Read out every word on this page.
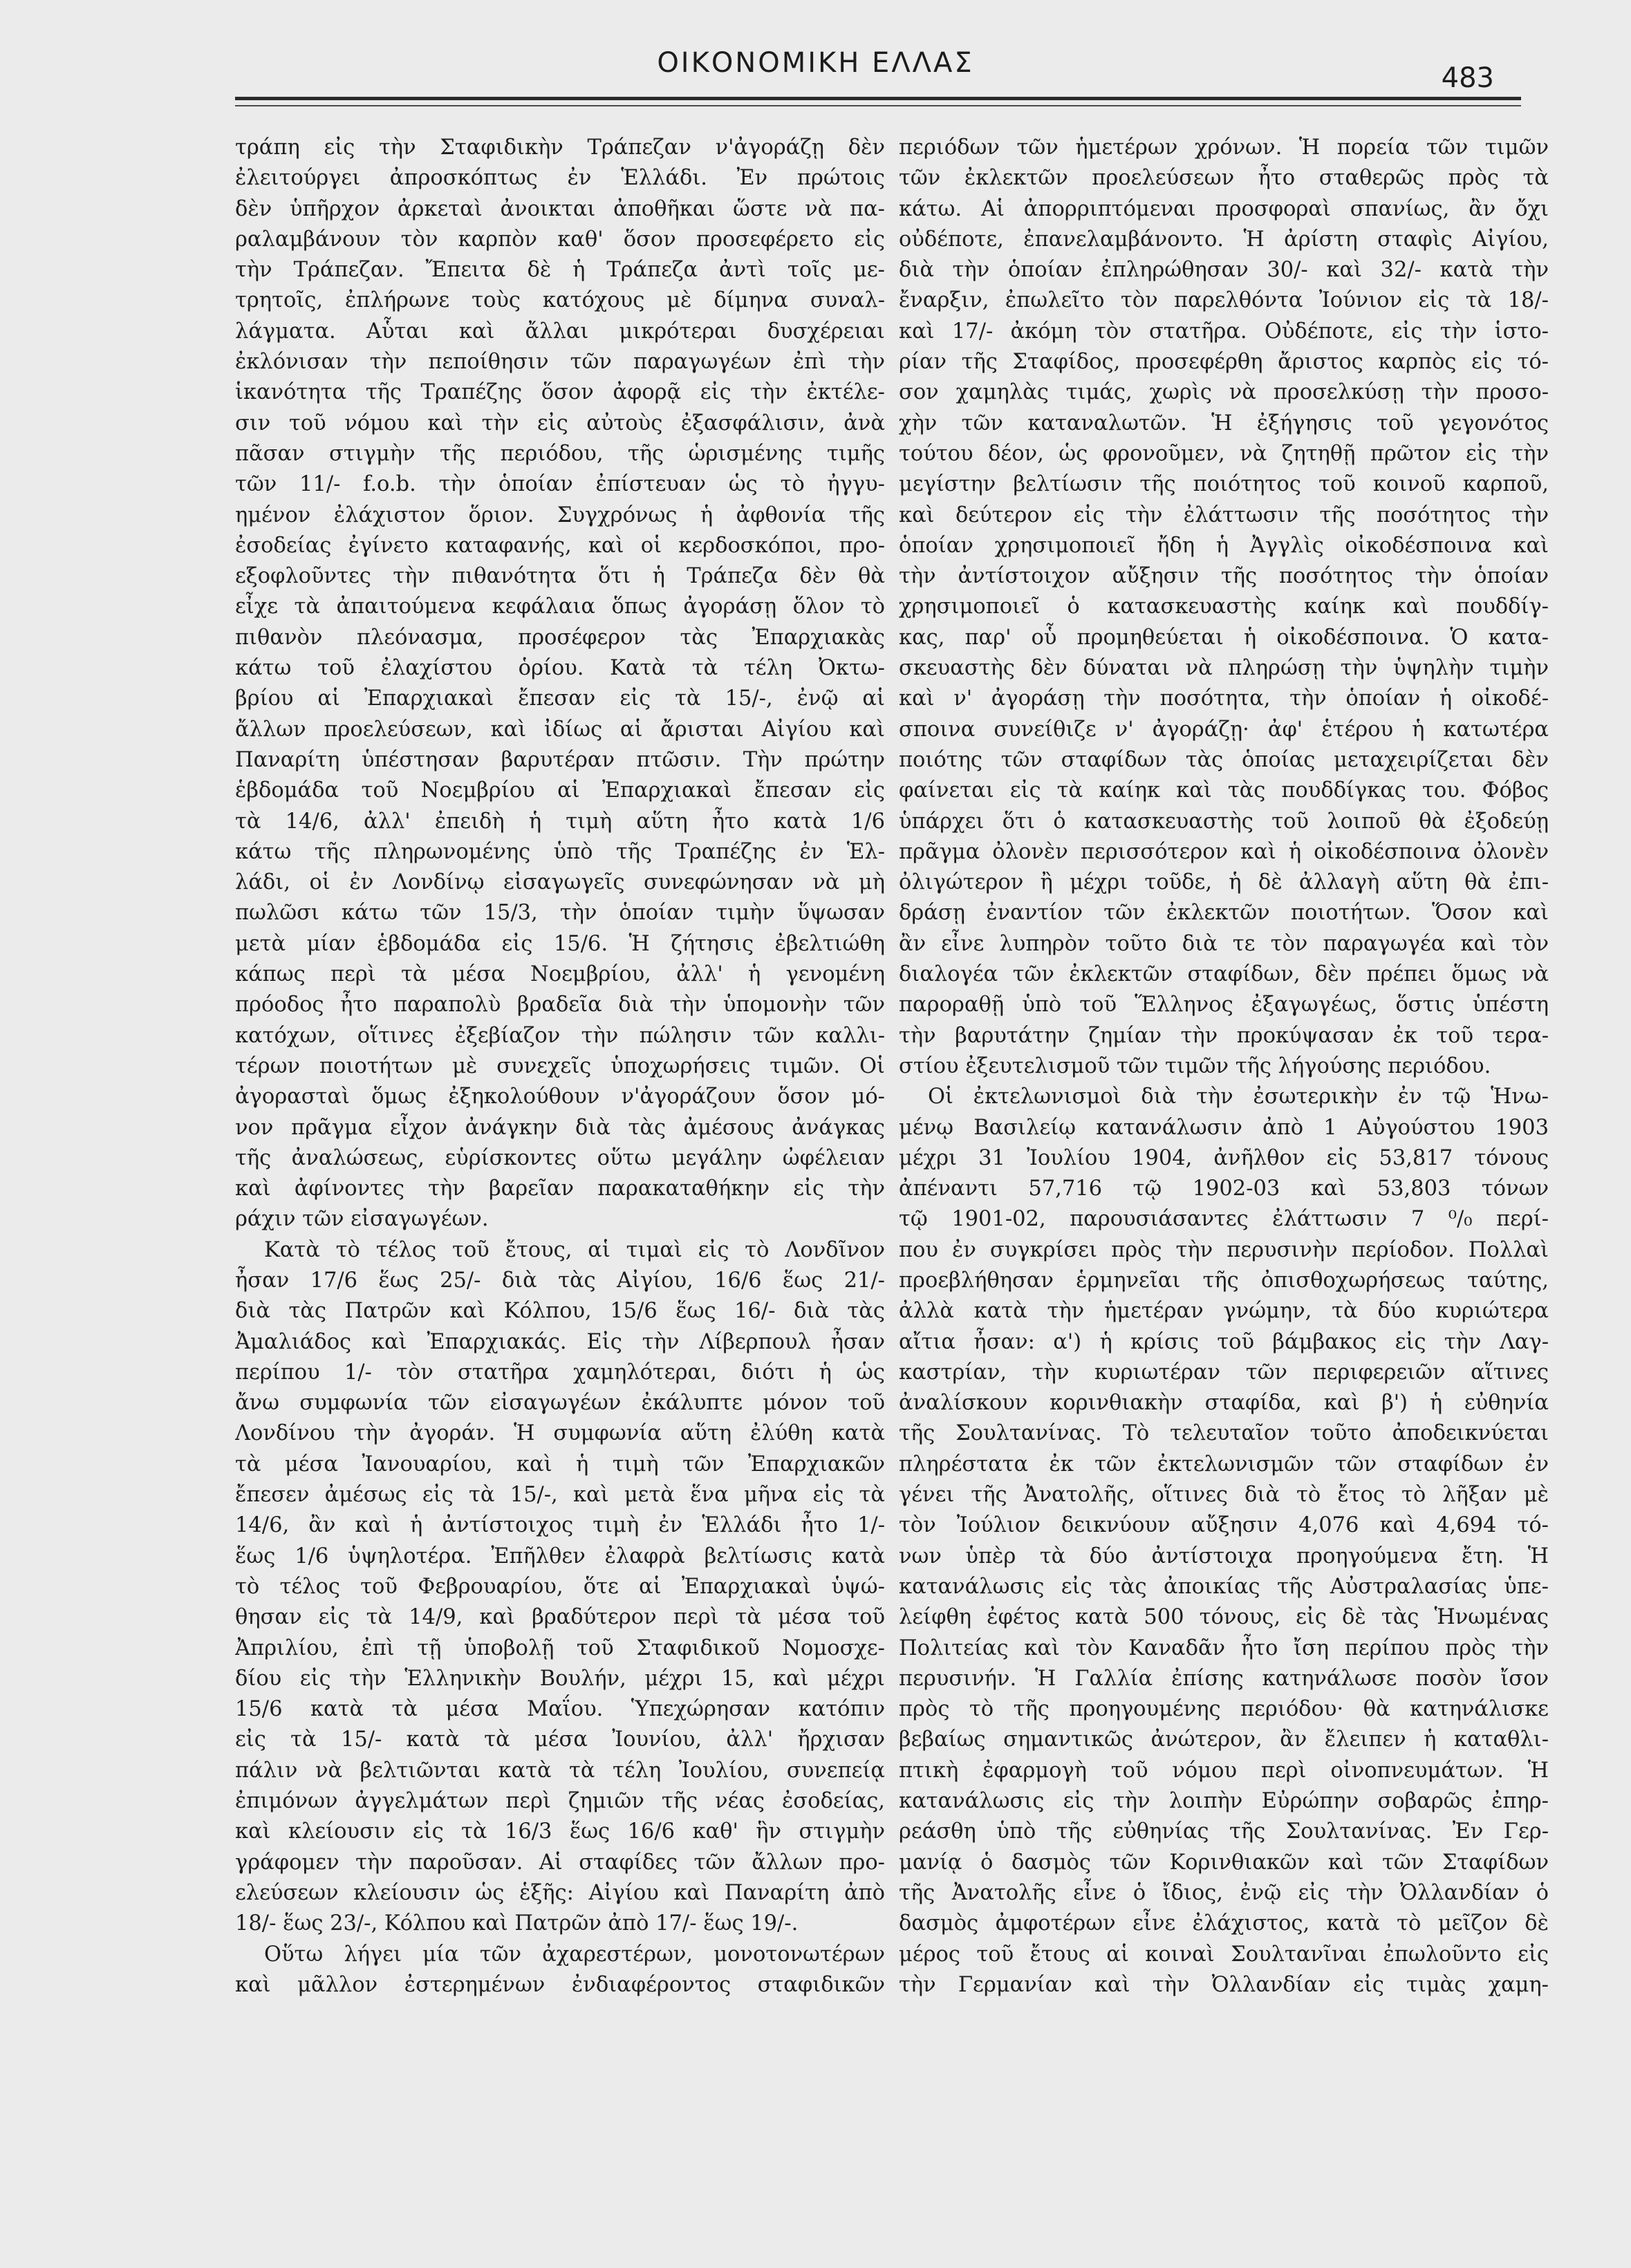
ΟΙΚΟΝΟΜΙΚΗ ΕΛΛΑΣ	483
τράπη εἰς τὴν Σταφιδικὴν Τράπεζαν ν'ἀγοράζῃ δὲν
ἐλειτούργει ἀπροσκόπτως ἐν Ἑλλάδι. Ἐν πρώτοις
δὲν ὑπῆρχον ἀρκεταὶ ἀνοικται ἀποθῆκαι ὥστε νὰ πα-
ραλαμβάνουν τὸν καρπὸν καθ' ὅσον προσεφέρετο εἰς
τὴν Τράπεζαν. Ἔπειτα δὲ ἡ Τράπεζα ἀντὶ τοῖς με-
τρητοῖς, ἐπλήρωνε τοὺς κατόχους μὲ δίμηνα συναλ-
λάγματα. Αὗται καὶ ἄλλαι μικρότεραι δυσχέρειαι
ἐκλόνισαν τὴν πεποίθησιν τῶν παραγωγέων ἐπὶ τὴν
ἱκανότητα τῆς Τραπέζης ὅσον ἀφορᾷ εἰς τὴν ἐκτέλε-
σιν τοῦ νόμου καὶ τὴν εἰς αὐτοὺς ἐξασφάλισιν, ἀνὰ
πᾶσαν στιγμὴν τῆς περιόδου, τῆς ὡρισμένης τιμῆς
τῶν 11/- f.o.b. τὴν ὁποίαν ἐπίστευαν ὡς τὸ ἠγγυ-
ημένον ἐλάχιστον ὅριον. Συγχρόνως ἡ ἀφθονία τῆς
ἐσοδείας ἐγίνετο καταφανής, καὶ οἱ κερδοσκόποι, προ-
εξοφλοῦντες τὴν πιθανότητα ὅτι ἡ Τράπεζα δὲν θὰ
εἶχε τὰ ἀπαιτούμενα κεφάλαια ὅπως ἀγοράσῃ ὅλον τὸ
πιθανὸν πλεόνασμα, προσέφερον τὰς Ἐπαρχιακὰς
κάτω τοῦ ἐλαχίστου ὁρίου. Κατὰ τὰ τέλη Ὀκτω-
βρίου αἱ Ἐπαρχιακαὶ ἔπεσαν εἰς τὰ 15/-, ἐνῷ αἱ
ἄλλων προελεύσεων, καὶ ἰδίως αἱ ἄρισται Αἰγίου καὶ
Παναρίτη ὑπέστησαν βαρυτέραν πτῶσιν. Τὴν πρώτην
ἑβδομάδα τοῦ Νοεμβρίου αἱ Ἐπαρχιακαὶ ἔπεσαν εἰς
τὰ 14/6, ἀλλ' ἐπειδὴ ἡ τιμὴ αὕτη ἦτο κατὰ 1/6
κάτω τῆς πληρωνομένης ὑπὸ τῆς Τραπέζης ἐν Ἑλ-
λάδι, οἱ ἐν Λονδίνῳ εἰσαγωγεῖς συνεφώνησαν νὰ μὴ
πωλῶσι κάτω τῶν 15/3, τὴν ὁποίαν τιμὴν ὕψωσαν
μετὰ μίαν ἑβδομάδα εἰς 15/6. Ἡ ζήτησις ἐβελτιώθη
κάπως περὶ τὰ μέσα Νοεμβρίου, ἀλλ' ἡ γενομένη
πρόοδος ἦτο παραπολὺ βραδεῖα διὰ τὴν ὑπομονὴν τῶν
κατόχων, οἵτινες ἐξεβίαζον τὴν πώλησιν τῶν καλλι-
τέρων ποιοτήτων μὲ συνεχεῖς ὑποχωρήσεις τιμῶν. Οἱ
ἀγορασταὶ ὅμως ἐξηκολούθουν ν'ἀγοράζουν ὅσον μό-
νον πρᾶγμα εἶχον ἀνάγκην διὰ τὰς ἀμέσους ἀνάγκας
τῆς ἀναλώσεως, εὑρίσκοντες οὕτω μεγάλην ὠφέλειαν
καὶ ἀφίνοντες τὴν βαρεῖαν παρακαταθήκην εἰς τὴν
ράχιν τῶν εἰσαγωγέων.
Κατὰ τὸ τέλος τοῦ ἔτους, αἱ τιμαὶ εἰς τὸ Λονδῖνον
ἦσαν 17/6 ἕως 25/- διὰ τὰς Αἰγίου, 16/6 ἕως 21/-
διὰ τὰς Πατρῶν καὶ Κόλπου, 15/6 ἕως 16/- διὰ τὰς
Ἀμαλιάδος καὶ Ἐπαρχιακάς. Εἰς τὴν Λίβερπουλ ἦσαν
περίπου 1/- τὸν στατῆρα χαμηλότεραι, διότι ἡ ὡς
ἄνω συμφωνία τῶν εἰσαγωγέων ἐκάλυπτε μόνον τοῦ
Λονδίνου τὴν ἀγοράν. Ἡ συμφωνία αὕτη ἐλύθη κατὰ
τὰ μέσα Ἰανουαρίου, καὶ ἡ τιμὴ τῶν Ἐπαρχιακῶν
ἔπεσεν ἀμέσως εἰς τὰ 15/-, καὶ μετὰ ἕνα μῆνα εἰς τὰ
14/6, ἂν καὶ ἡ ἀντίστοιχος τιμὴ ἐν Ἑλλάδι ἦτο 1/-
ἕως 1/6 ὑψηλοτέρα. Ἐπῆλθεν ἐλαφρὰ βελτίωσις κατὰ
τὸ τέλος τοῦ Φεβρουαρίου, ὅτε αἱ Ἐπαρχιακαὶ ὑψώ-
θησαν εἰς τὰ 14/9, καὶ βραδύτερον περὶ τὰ μέσα τοῦ
Ἀπριλίου, ἐπὶ τῇ ὑποβολῇ τοῦ Σταφιδικοῦ Νομοσχε-
δίου εἰς τὴν Ἑλληνικὴν Βουλήν, μέχρι 15, καὶ μέχρι
15/6 κατὰ τὰ μέσα Μαΐου. Ὑπεχώρησαν κατόπιν
εἰς τὰ 15/- κατὰ τὰ μέσα Ἰουνίου, ἀλλ' ἤρχισαν
πάλιν νὰ βελτιῶνται κατὰ τὰ τέλη Ἰουλίου, συνεπείᾳ
ἐπιμόνων ἀγγελμάτων περὶ ζημιῶν τῆς νέας ἐσοδείας,
καὶ κλείουσιν εἰς τὰ 16/3 ἕως 16/6 καθ' ἣν στιγμὴν
γράφομεν τὴν παροῦσαν. Αἱ σταφίδες τῶν ἄλλων προ-
ελεύσεων κλείουσιν ὡς ἑξῆς: Αἰγίου καὶ Παναρίτη ἀπὸ
18/- ἕως 23/-, Κόλπου καὶ Πατρῶν ἀπὸ 17/- ἕως 19/-.
Οὕτω λήγει μία τῶν ἀχαρεστέρων, μονοτονωτέρων
καὶ μᾶλλον ἐστερημένων ἐνδιαφέροντος σταφιδικῶν
περιόδων τῶν ἡμετέρων χρόνων. Ἡ πορεία τῶν τιμῶν
τῶν ἐκλεκτῶν προελεύσεων ἦτο σταθερῶς πρὸς τὰ
κάτω. Αἱ ἀπορριπτόμεναι προσφοραὶ σπανίως, ἂν ὄχι
οὐδέποτε, ἐπανελαμβάνοντο. Ἡ ἀρίστη σταφὶς Αἰγίου,
διὰ τὴν ὁποίαν ἐπληρώθησαν 30/- καὶ 32/- κατὰ τὴν
ἔναρξιν, ἐπωλεῖτο τὸν παρελθόντα Ἰούνιον εἰς τὰ 18/-
καὶ 17/- ἀκόμη τὸν στατῆρα. Οὐδέποτε, εἰς τὴν ἱστο-
ρίαν τῆς Σταφίδος, προσεφέρθη ἄριστος καρπὸς εἰς τό-
σον χαμηλὰς τιμάς, χωρὶς νὰ προσελκύσῃ τὴν προσο-
χὴν τῶν καταναλωτῶν. Ἡ ἐξήγησις τοῦ γεγονότος
τούτου δέον, ὡς φρονοῦμεν, νὰ ζητηθῇ πρῶτον εἰς τὴν
μεγίστην βελτίωσιν τῆς ποιότητος τοῦ κοινοῦ καρποῦ,
καὶ δεύτερον εἰς τὴν ἐλάττωσιν τῆς ποσότητος τὴν
ὁποίαν χρησιμοποιεῖ ἤδη ἡ Ἀγγλὶς οἰκοδέσποινα καὶ
τὴν ἀντίστοιχον αὔξησιν τῆς ποσότητος τὴν ὁποίαν
χρησιμοποιεῖ ὁ κατασκευαστὴς καίηκ καὶ πουδδίγ-
κας, παρ' οὗ προμηθεύεται ἡ οἰκοδέσποινα. Ὁ κατα-
σκευαστὴς δὲν δύναται νὰ πληρώσῃ τὴν ὑψηλὴν τιμὴν
καὶ ν' ἀγοράσῃ τὴν ποσότητα, τὴν ὁποίαν ἡ οἰκοδέ-
σποινα συνείθιζε ν' ἀγοράζῃ· ἀφ' ἑτέρου ἡ κατωτέρα
ποιότης τῶν σταφίδων τὰς ὁποίας μεταχειρίζεται δὲν
φαίνεται εἰς τὰ καίηκ καὶ τὰς πουδδίγκας του. Φόβος
ὑπάρχει ὅτι ὁ κατασκευαστὴς τοῦ λοιποῦ θὰ ἐξοδεύῃ
πρᾶγμα ὀλονὲν περισσότερον καὶ ἡ οἰκοδέσποινα ὀλονὲν
ὀλιγώτερον ἢ μέχρι τοῦδε, ἡ δὲ ἀλλαγὴ αὕτη θὰ ἐπι-
δράσῃ ἐναντίον τῶν ἐκλεκτῶν ποιοτήτων. Ὅσον καὶ
ἂν εἶνε λυπηρὸν τοῦτο διὰ τε τὸν παραγωγέα καὶ τὸν
διαλογέα τῶν ἐκλεκτῶν σταφίδων, δὲν πρέπει ὅμως νὰ
παροραθῇ ὑπὸ τοῦ Ἕλληνος ἐξαγωγέως, ὅστις ὑπέστη
τὴν βαρυτάτην ζημίαν τὴν προκύψασαν ἐκ τοῦ τερα-
στίου ἐξευτελισμοῦ τῶν τιμῶν τῆς λήγούσης περιόδου.
Οἱ ἐκτελωνισμοὶ διὰ τὴν ἐσωτερικὴν ἐν τῷ Ἡνω-
μένῳ Βασιλείῳ κατανάλωσιν ἀπὸ 1 Αὐγούστου 1903
μέχρι 31 Ἰουλίου 1904, ἀνῆλθον εἰς 53,817 τόνους
ἀπέναντι 57,716 τῷ 1902-03 καὶ 53,803 τόνων
τῷ 1901-02, παρουσιάσαντες ἐλάττωσιν 7 ⁰/₀ περί-
που ἐν συγκρίσει πρὸς τὴν περυσινὴν περίοδον. Πολλαὶ
προεβλήθησαν ἑρμηνεῖαι τῆς ὀπισθοχωρήσεως ταύτης,
ἀλλὰ κατὰ τὴν ἡμετέραν γνώμην, τὰ δύο κυριώτερα
αἴτια ἦσαν: α') ἡ κρίσις τοῦ βάμβακος εἰς τὴν Λαγ-
καστρίαν, τὴν κυριωτέραν τῶν περιφερειῶν αἵτινες
ἀναλίσκουν κορινθιακὴν σταφίδα, καὶ β') ἡ εὐθηνία
τῆς Σουλτανίνας. Τὸ τελευταῖον τοῦτο ἀποδεικνύεται
πληρέστατα ἐκ τῶν ἐκτελωνισμῶν τῶν σταφίδων ἐν
γένει τῆς Ἀνατολῆς, οἵτινες διὰ τὸ ἔτος τὸ λῆξαν μὲ
τὸν Ἰούλιον δεικνύουν αὔξησιν 4,076 καὶ 4,694 τό-
νων ὑπὲρ τὰ δύο ἀντίστοιχα προηγούμενα ἔτη. Ἡ
κατανάλωσις εἰς τὰς ἀποικίας τῆς Αὐστραλασίας ὑπε-
λείφθη ἐφέτος κατὰ 500 τόνους, εἰς δὲ τὰς Ἡνωμένας
Πολιτείας καὶ τὸν Καναδᾶν ἦτο ἴση περίπου πρὸς τὴν
περυσινήν. Ἡ Γαλλία ἐπίσης κατηνάλωσε ποσὸν ἴσον
πρὸς τὸ τῆς προηγουμένης περιόδου· θὰ κατηνάλισκε
βεβαίως σημαντικῶς ἀνώτερον, ἂν ἔλειπεν ἡ καταθλι-
πτικὴ ἐφαρμογὴ τοῦ νόμου περὶ οἰνοπνευμάτων. Ἡ
κατανάλωσις εἰς τὴν λοιπὴν Εὐρώπην σοβαρῶς ἐπηρ-
ρεάσθη ὑπὸ τῆς εὐθηνίας τῆς Σουλτανίνας. Ἐν Γερ-
μανίᾳ ὁ δασμὸς τῶν Κορινθιακῶν καὶ τῶν Σταφίδων
τῆς Ἀνατολῆς εἶνε ὁ ἴδιος, ἐνῷ εἰς τὴν Ὀλλανδίαν ὁ
δασμὸς ἀμφοτέρων εἶνε ἐλάχιστος, κατὰ τὸ μεῖζον δὲ
μέρος τοῦ ἔτους αἱ κοιναὶ Σουλτανῖναι ἐπωλοῦντο εἰς
τὴν Γερμανίαν καὶ τὴν Ὀλλανδίαν εἰς τιμὰς χαμη-
